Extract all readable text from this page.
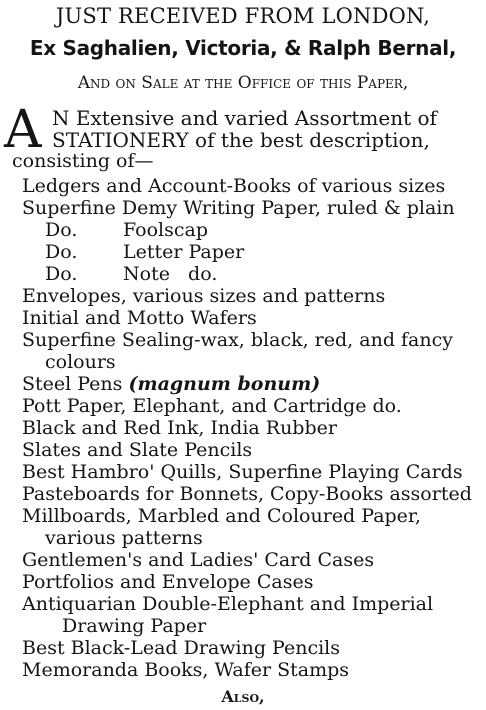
JUST RECEIVED FROM LONDON,
Ex Saghalien, Victoria, & Ralph Bernal,
And on Sale at the Office of this Paper,
A N Extensive and varied Assortment of
STATIONERY of the best description,
consisting of—
Ledgers and Account-Books of various sizes
Superfine Demy Writing Paper, ruled & plain
Do. Foolscap
Do. Letter Paper
Do. Note   do.
Envelopes, various sizes and patterns
Initial and Motto Wafers
Superfine Sealing-wax, black, red, and fancy
colours
Steel Pens (magnum bonum)
Pott Paper, Elephant, and Cartridge do.
Black and Red Ink, India Rubber
Slates and Slate Pencils
Best Hambro' Quills, Superfine Playing Cards
Pasteboards for Bonnets, Copy-Books assorted
Millboards, Marbled and Coloured Paper,
various patterns
Gentlemen's and Ladies' Card Cases
Portfolios and Envelope Cases
Antiquarian Double-Elephant and Imperial
Drawing Paper
Best Black-Lead Drawing Pencils
Memoranda Books, Wafer Stamps
Also,
